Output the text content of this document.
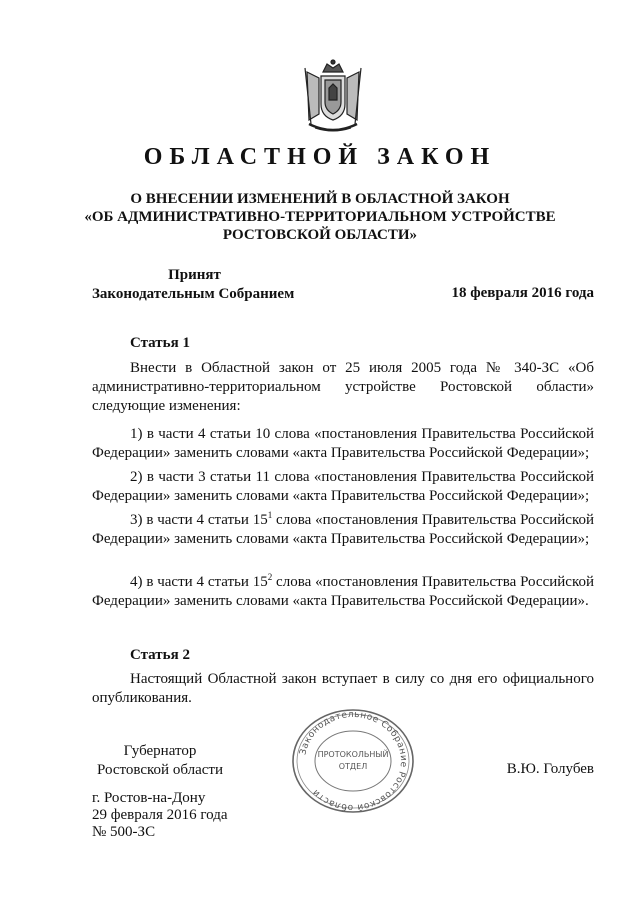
ОБЛАСТНОЙ ЗАКОН
О ВНЕСЕНИИ ИЗМЕНЕНИЙ В ОБЛАСТНОЙ ЗАКОН
«ОБ АДМИНИСТРАТИВНО-ТЕРРИТОРИАЛЬНОМ УСТРОЙСТВЕ
РОСТОВСКОЙ ОБЛАСТИ»
Принят
Законодательным Собранием	18 февраля 2016 года
Статья 1
Внести в Областной закон от 25 июля 2005 года № 340-ЗС «Об административно-территориальном устройстве Ростовской области» следующие изменения:
1) в части 4 статьи 10 слова «постановления Правительства Российской Федерации» заменить словами «акта Правительства Российской Федерации»;
2) в части 3 статьи 11 слова «постановления Правительства Российской Федерации» заменить словами «акта Правительства Российской Федерации»;
3) в части 4 статьи $15^1$ слова «постановления Правительства Российской Федерации» заменить словами «акта Правительства Российской Федерации»;
4) в части 4 статьи $15^2$ слова «постановления Правительства Российской Федерации» заменить словами «акта Правительства Российской Федерации».
Статья 2
Настоящий Областной закон вступает в силу со дня его официального опубликования.
Губернатор
Ростовской области
Законодательное Собрание Ростовской области
ПРОТОКОЛЬНЫЙ
ОТДЕЛ	В.Ю. Голубев
г. Ростов-на-Дону
29 февраля 2016 года
№ 500-ЗС
